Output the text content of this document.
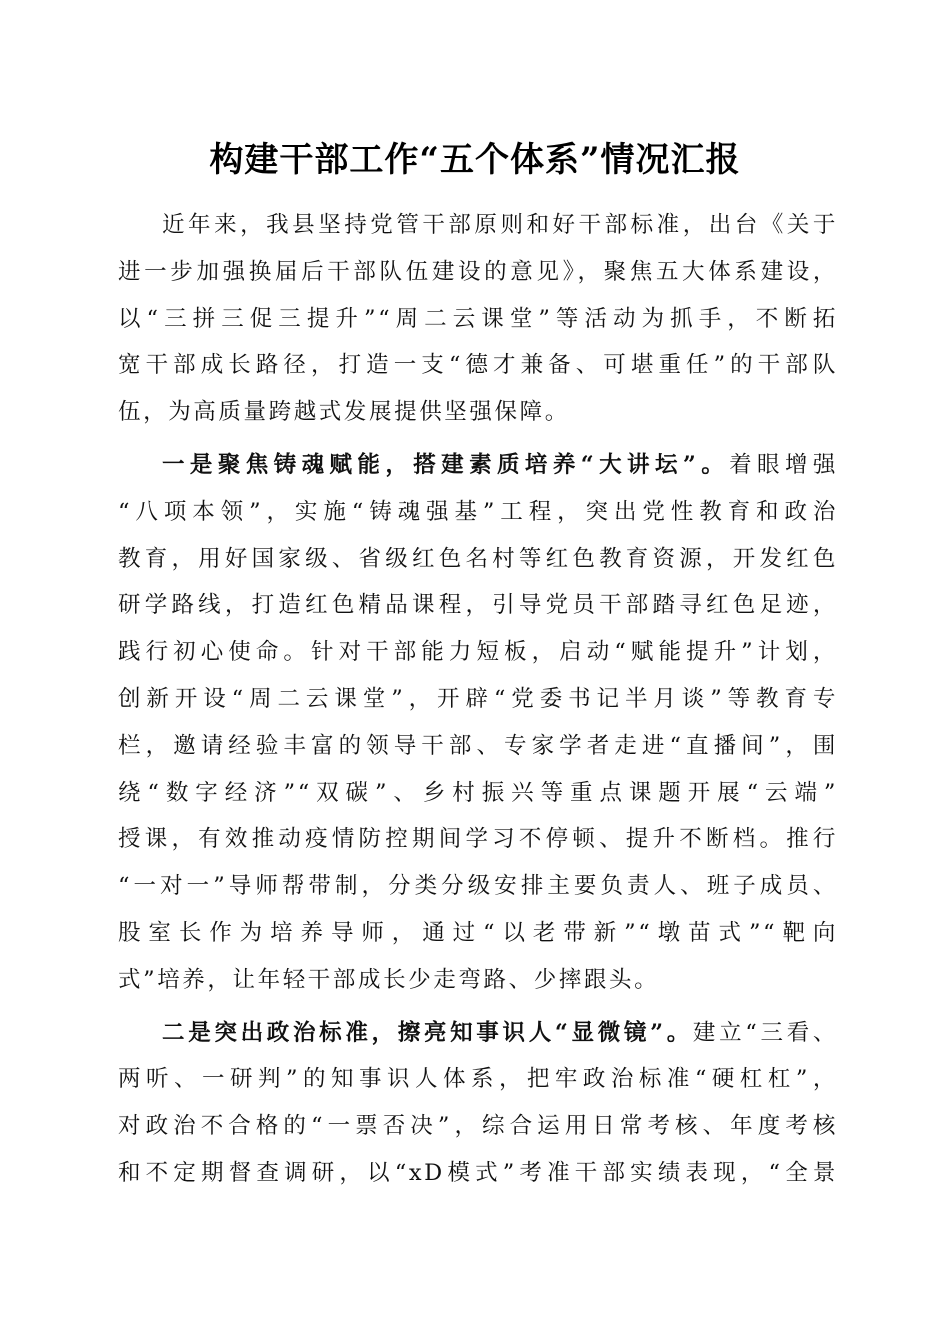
构建干部工作“五个体系”情况汇报
近年来，我县坚持党管干部原则和好干部标准，出台《关于
进一步加强换届后干部队伍建设的意见》，聚焦五大体系建设，
以“三拼三促三提升”“周二云课堂”等活动为抓手，不断拓
宽干部成长路径，打造一支“德才兼备、可堪重任”的干部队
伍，为高质量跨越式发展提供坚强保障。
一是聚焦铸魂赋能，搭建素质培养“大讲坛”。着眼增强
“八项本领”，实施“铸魂强基”工程，突出党性教育和政治
教育，用好国家级、省级红色名村等红色教育资源，开发红色
研学路线，打造红色精品课程，引导党员干部踏寻红色足迹，
践行初心使命。针对干部能力短板，启动“赋能提升”计划，
创新开设“周二云课堂”，开辟“党委书记半月谈”等教育专
栏，邀请经验丰富的领导干部、专家学者走进“直播间”，围
绕“数字经济”“双碳”、乡村振兴等重点课题开展“云端”
授课，有效推动疫情防控期间学习不停顿、提升不断档。推行
“一对一”导师帮带制，分类分级安排主要负责人、班子成员、
股室长作为培养导师，通过“以老带新”“墩苗式”“靶向
式”培养，让年轻干部成长少走弯路、少摔跟头。
二是突出政治标准，擦亮知事识人“显微镜”。建立“三看、
两听、一研判”的知事识人体系，把牢政治标准“硬杠杠”，
对政治不合格的“一票否决”，综合运用日常考核、年度考核
和不定期督查调研，以“xD模式”考准干部实绩表现，“全景
